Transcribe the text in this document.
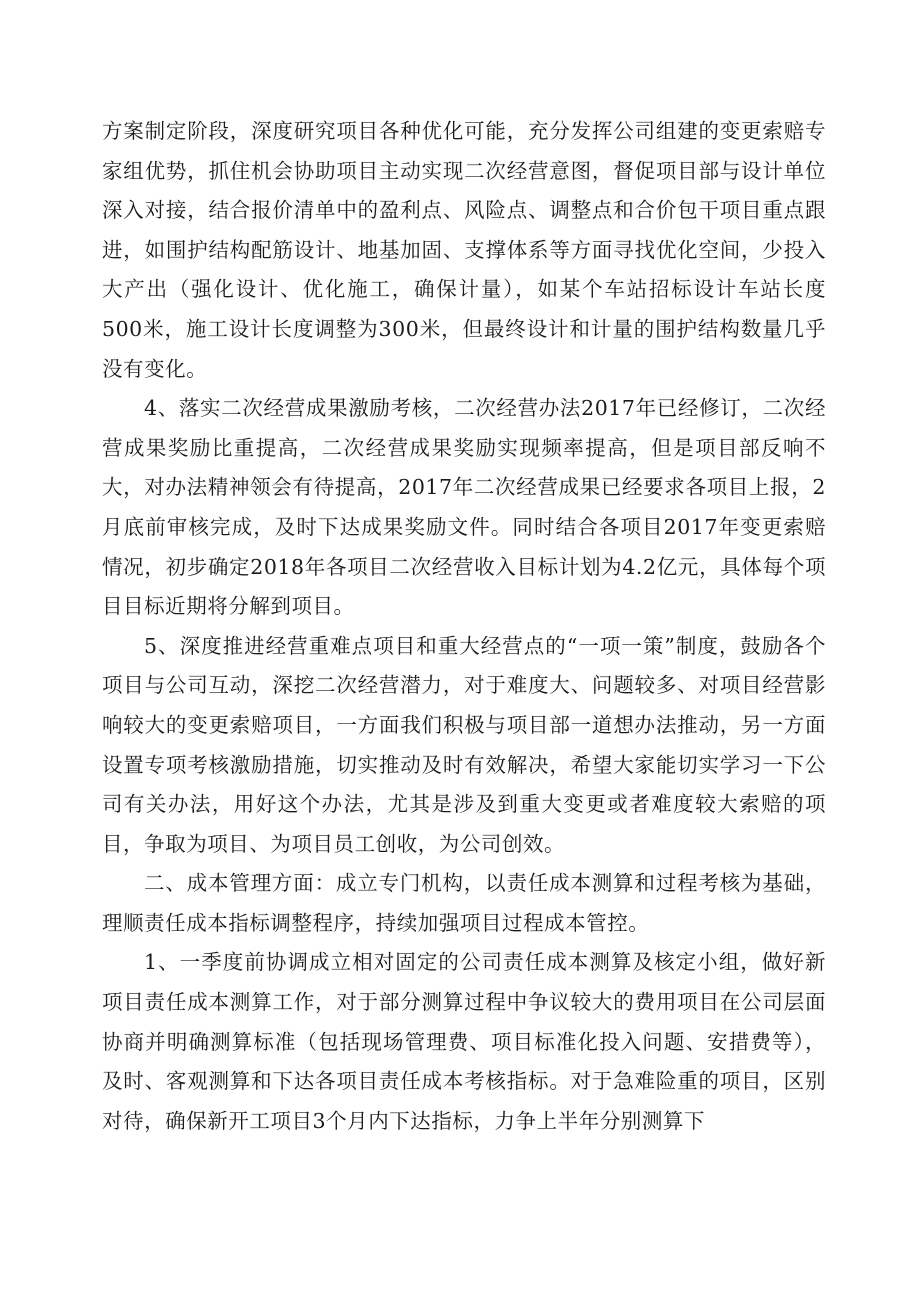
方案制定阶段，深度研究项目各种优化可能，充分发挥公司组建的变更索赔专家组优势，抓住机会协助项目主动实现二次经营意图，督促项目部与设计单位深入对接，结合报价清单中的盈利点、风险点、调整点和合价包干项目重点跟进，如围护结构配筋设计、地基加固、支撑体系等方面寻找优化空间，少投入大产出（强化设计、优化施工，确保计量），如某个车站招标设计车站长度500米，施工设计长度调整为300米，但最终设计和计量的围护结构数量几乎没有变化。

4、落实二次经营成果激励考核，二次经营办法2017年已经修订，二次经营成果奖励比重提高，二次经营成果奖励实现频率提高，但是项目部反响不大，对办法精神领会有待提高，2017年二次经营成果已经要求各项目上报，2月底前审核完成，及时下达成果奖励文件。同时结合各项目2017年变更索赔情况，初步确定2018年各项目二次经营收入目标计划为4.2亿元，具体每个项目目标近期将分解到项目。

5、深度推进经营重难点项目和重大经营点的“一项一策”制度，鼓励各个项目与公司互动，深挖二次经营潜力，对于难度大、问题较多、对项目经营影响较大的变更索赔项目，一方面我们积极与项目部一道想办法推动，另一方面设置专项考核激励措施，切实推动及时有效解决，希望大家能切实学习一下公司有关办法，用好这个办法，尤其是涉及到重大变更或者难度较大索赔的项目，争取为项目、为项目员工创收，为公司创效。

二、成本管理方面：成立专门机构，以责任成本测算和过程考核为基础，理顺责任成本指标调整程序，持续加强项目过程成本管控。

1、一季度前协调成立相对固定的公司责任成本测算及核定小组，做好新项目责任成本测算工作，对于部分测算过程中争议较大的费用项目在公司层面协商并明确测算标准（包括现场管理费、项目标准化投入问题、安措费等），及时、客观测算和下达各项目责任成本考核指标。对于急难险重的项目，区别对待，确保新开工项目3个月内下达指标，力争上半年分别测算下
